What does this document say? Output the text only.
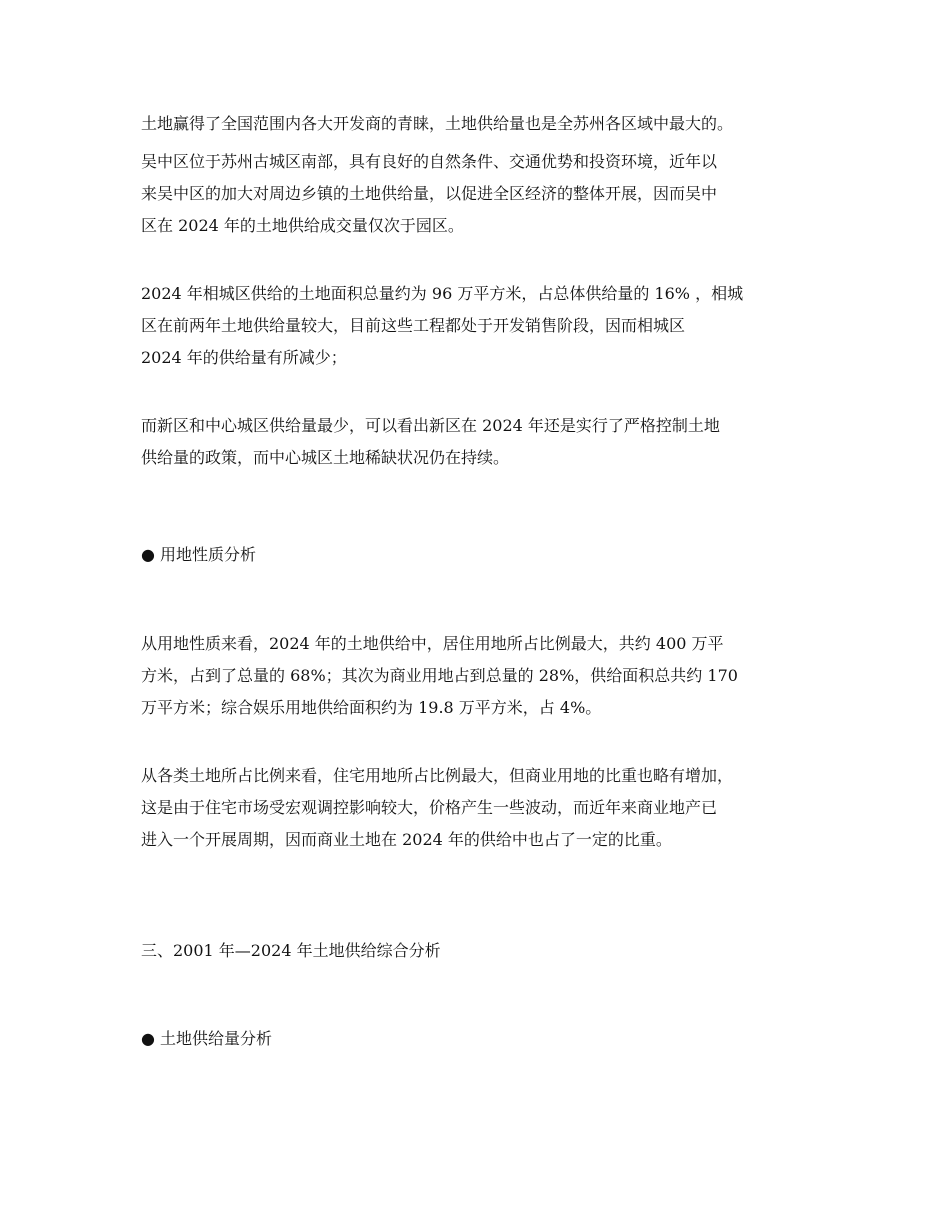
土地赢得了全国范围内各大开发商的青睐，土地供给量也是全苏州各区域中最大的。
吴中区位于苏州古城区南部，具有良好的自然条件、交通优势和投资环境，近年以
来吴中区的加大对周边乡镇的土地供给量，以促进全区经济的整体开展，因而吴中
区在 2024 年的土地供给成交量仅次于园区。
2024 年相城区供给的土地面积总量约为 96 万平方米，占总体供给量的 16% ，相城
区在前两年土地供给量较大，目前这些工程都处于开发销售阶段，因而相城区
2024 年的供给量有所减少；
而新区和中心城区供给量最少，可以看出新区在 2024 年还是实行了严格控制土地
供给量的政策，而中心城区土地稀缺状况仍在持续。
● 用地性质分析
从用地性质来看，2024 年的土地供给中，居住用地所占比例最大，共约 400 万平
方米，占到了总量的 68%；其次为商业用地占到总量的 28%，供给面积总共约 170
万平方米；综合娱乐用地供给面积约为 19.8 万平方米，占 4%。
从各类土地所占比例来看，住宅用地所占比例最大，但商业用地的比重也略有增加，
这是由于住宅市场受宏观调控影响较大，价格产生一些波动，而近年来商业地产已
进入一个开展周期，因而商业土地在 2024 年的供给中也占了一定的比重。
三、2001 年—2024 年土地供给综合分析
● 土地供给量分析
